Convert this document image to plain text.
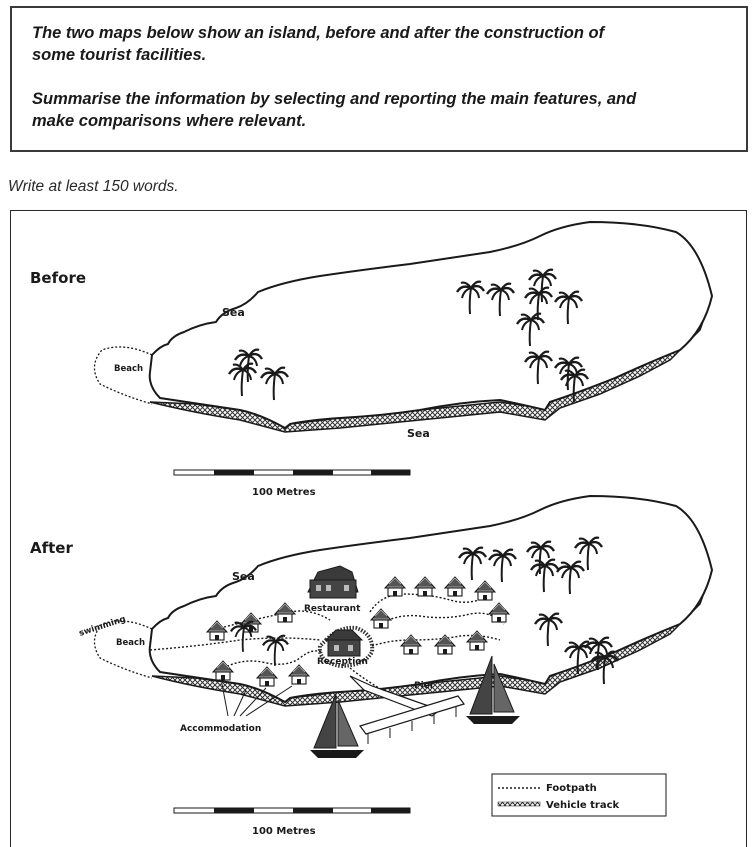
The two maps below show an island, before and after the construction of
some tourist facilities.
Summarise the information by selecting and reporting the main features, and
make comparisons where relevant.
Write at least 150 words.
Before
Sea
Sea
Beach
100 Metres
After
Sea
swimming
Beach
Restaurant
Reception
Pier
Accommodation
Footpath
Vehicle track
100 Metres
